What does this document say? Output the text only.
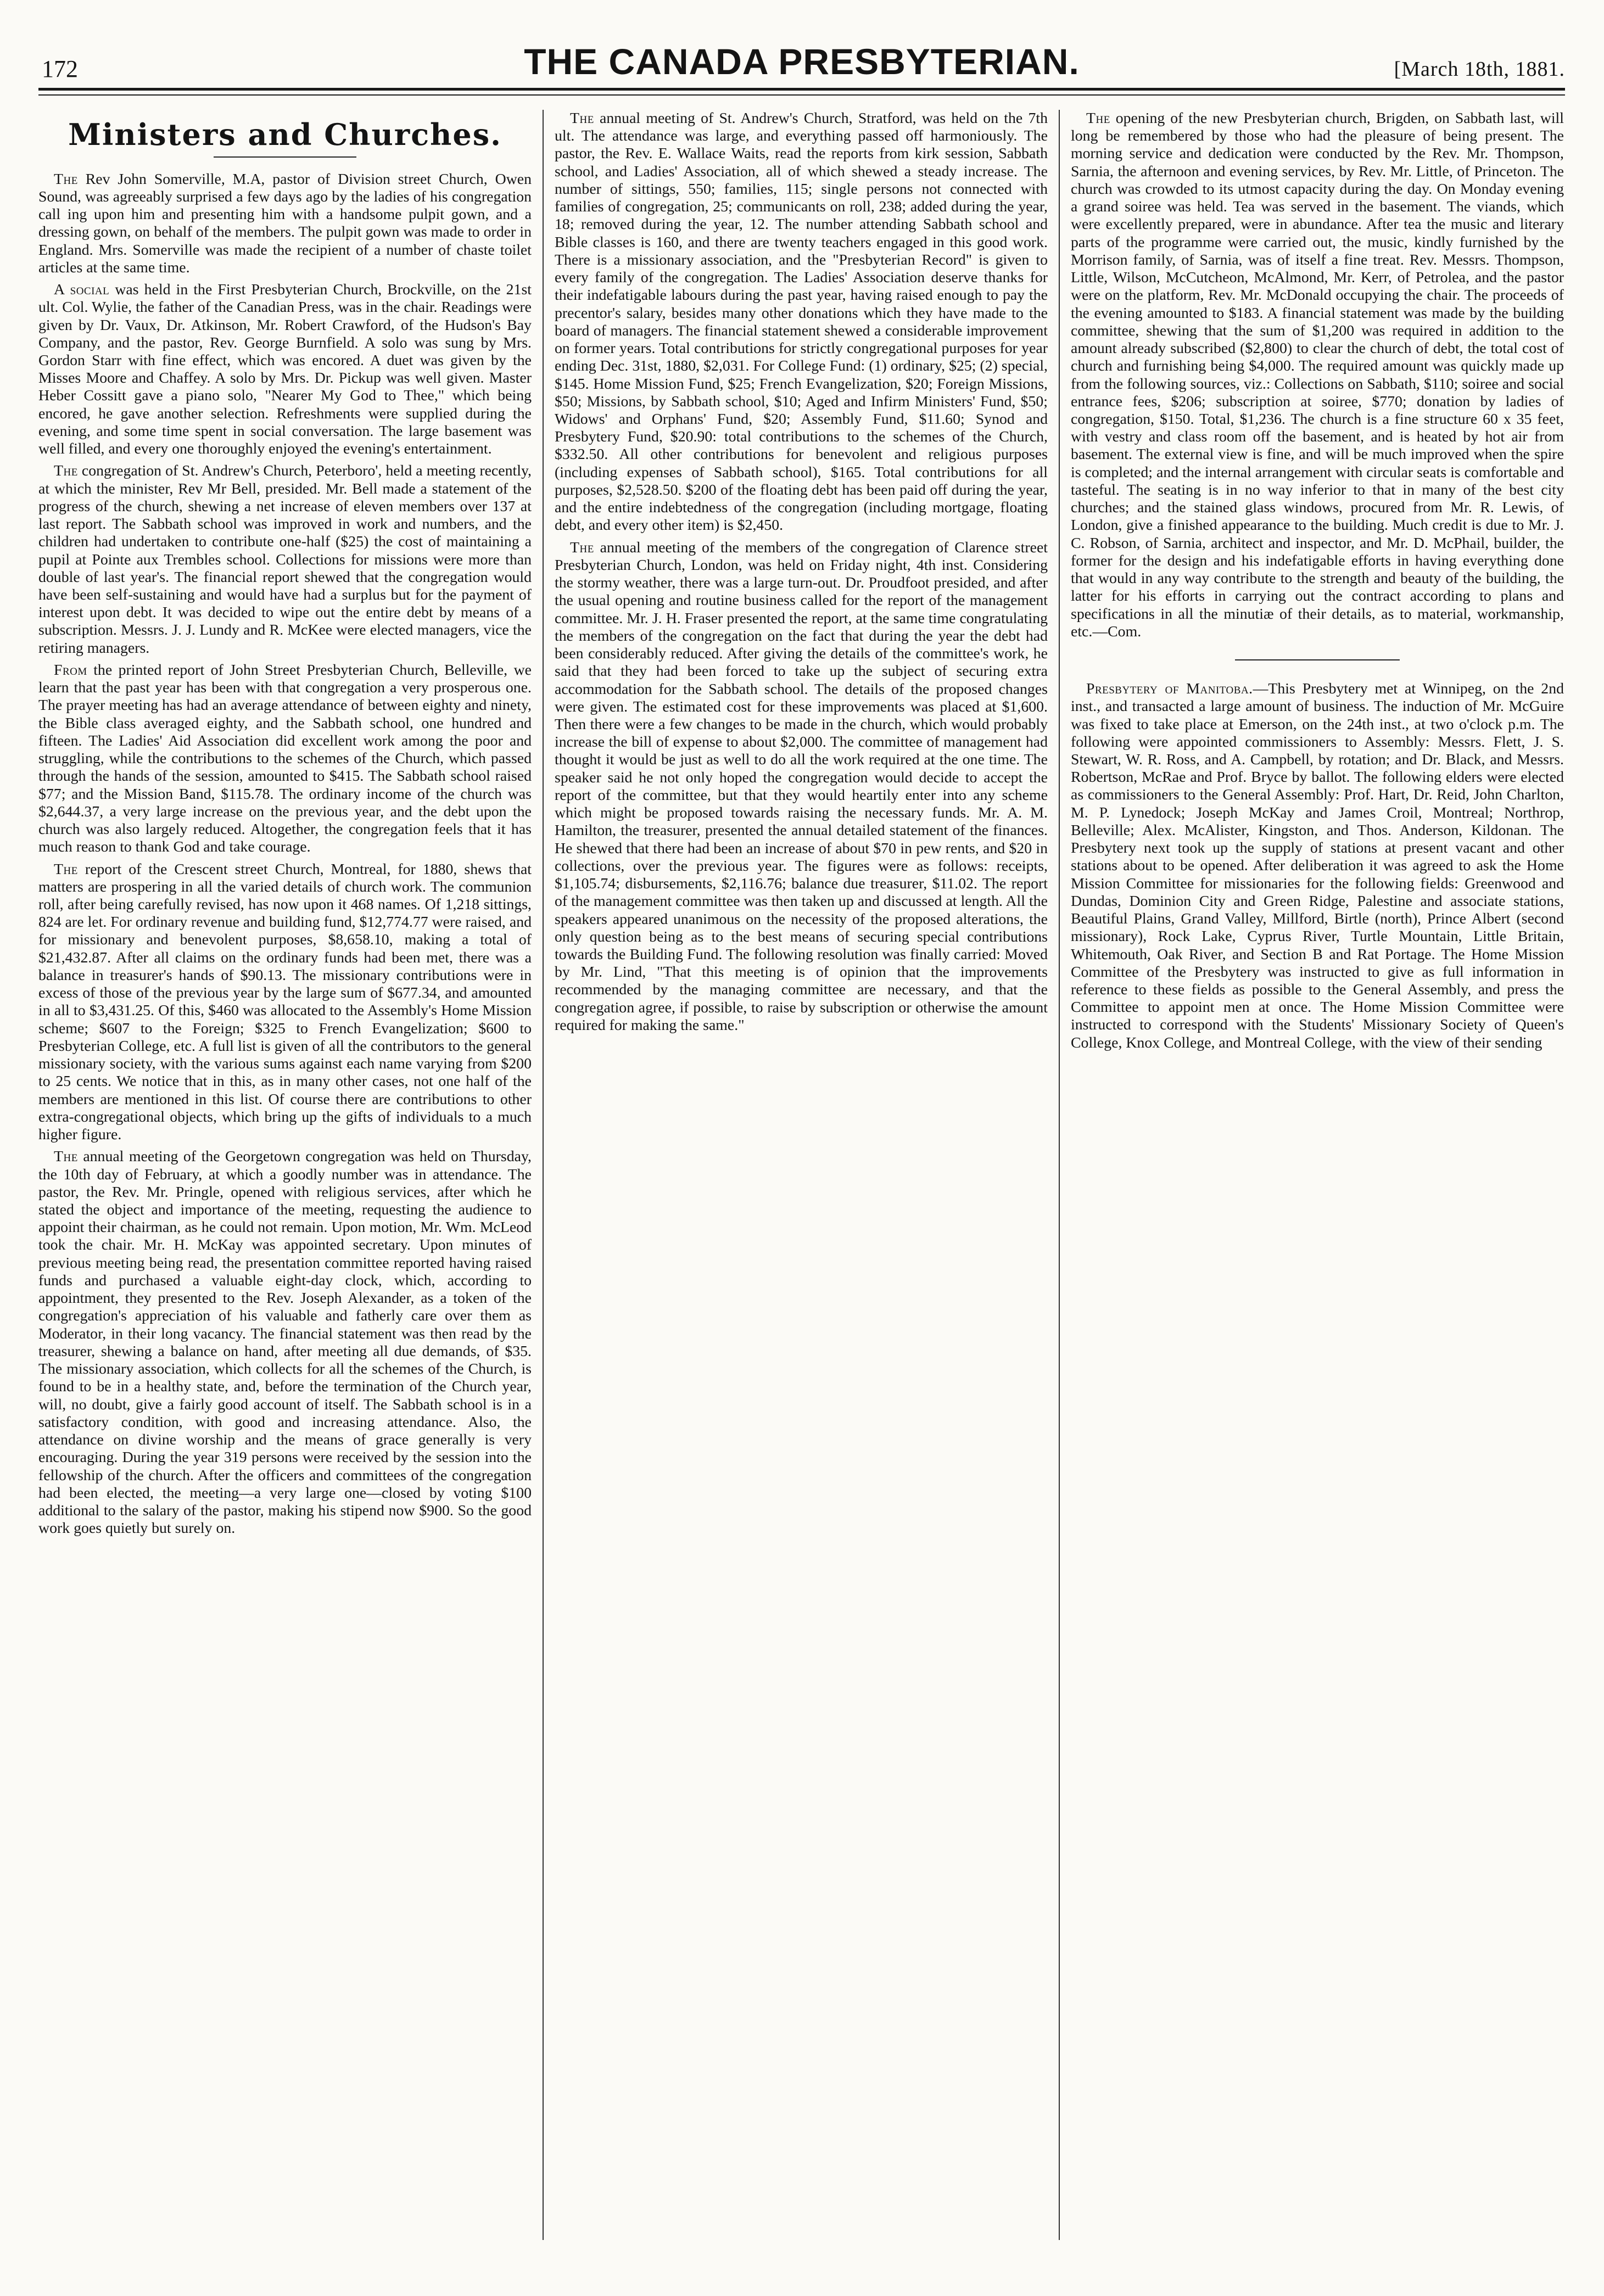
172	THE CANADA PRESBYTERIAN.	[March 18th, 1881.
Ministers and Churches.

The Rev John Somerville, M.A, pastor of Division street Church, Owen Sound, was agreeably surprised a few days ago by the ladies of his congregation call ing upon him and presenting him with a handsome pulpit gown, and a dressing gown, on behalf of the members. The pulpit gown was made to order in England. Mrs. Somerville was made the recipient of a number of chaste toilet articles at the same time.

A social was held in the First Presbyterian Church, Brockville, on the 21st ult. Col. Wylie, the father of the Canadian Press, was in the chair. Readings were given by Dr. Vaux, Dr. Atkinson, Mr. Robert Crawford, of the Hudson's Bay Company, and the pastor, Rev. George Burnfield. A solo was sung by Mrs. Gordon Starr with fine effect, which was encored. A duet was given by the Misses Moore and Chaffey. A solo by Mrs. Dr. Pickup was well given. Master Heber Cossitt gave a piano solo, "Nearer My God to Thee," which being encored, he gave another selection. Refreshments were supplied during the evening, and some time spent in social conversation. The large basement was well filled, and every one thoroughly enjoyed the evening's entertainment.

The congregation of St. Andrew's Church, Peterboro', held a meeting recently, at which the minister, Rev Mr Bell, presided. Mr. Bell made a statement of the progress of the church, shewing a net increase of eleven members over 137 at last report. The Sabbath school was improved in work and numbers, and the children had undertaken to contribute one-half ($25) the cost of maintaining a pupil at Pointe aux Trembles school. Collections for missions were more than double of last year's. The financial report shewed that the congregation would have been self-sustaining and would have had a surplus but for the payment of interest upon debt. It was decided to wipe out the entire debt by means of a subscription. Messrs. J. J. Lundy and R. McKee were elected managers, vice the retiring managers.

From the printed report of John Street Presbyterian Church, Belleville, we learn that the past year has been with that congregation a very prosperous one. The prayer meeting has had an average attendance of between eighty and ninety, the Bible class averaged eighty, and the Sabbath school, one hundred and fifteen. The Ladies' Aid Association did excellent work among the poor and struggling, while the contributions to the schemes of the Church, which passed through the hands of the session, amounted to $415. The Sabbath school raised $77; and the Mission Band, $115.78. The ordinary income of the church was $2,644.37, a very large increase on the previous year, and the debt upon the church was also largely reduced. Altogether, the congregation feels that it has much reason to thank God and take courage.

The report of the Crescent street Church, Montreal, for 1880, shews that matters are prospering in all the varied details of church work. The communion roll, after being carefully revised, has now upon it 468 names. Of 1,218 sittings, 824 are let. For ordinary revenue and building fund, $12,774.77 were raised, and for missionary and benevolent purposes, $8,658.10, making a total of $21,432.87. After all claims on the ordinary funds had been met, there was a balance in treasurer's hands of $90.13. The missionary contributions were in excess of those of the previous year by the large sum of $677.34, and amounted in all to $3,431.25. Of this, $460 was allocated to the Assembly's Home Mission scheme; $607 to the Foreign; $325 to French Evangelization; $600 to Presbyterian College, etc. A full list is given of all the contributors to the general missionary society, with the various sums against each name varying from $200 to 25 cents. We notice that in this, as in many other cases, not one half of the members are mentioned in this list. Of course there are contributions to other extra-congregational objects, which bring up the gifts of individuals to a much higher figure.

The annual meeting of the Georgetown congregation was held on Thursday, the 10th day of February, at which a goodly number was in attendance. The pastor, the Rev. Mr. Pringle, opened with religious services, after which he stated the object and importance of the meeting, requesting the audience to appoint their chairman, as he could not remain. Upon motion, Mr. Wm. McLeod took the chair. Mr. H. McKay was appointed secretary. Upon minutes of previous meeting being read, the presentation committee reported having raised funds and purchased a valuable eight-day clock, which, according to appointment, they presented to the Rev. Joseph Alexander, as a token of the congregation's appreciation of his valuable and fatherly care over them as Moderator, in their long vacancy. The financial statement was then read by the treasurer, shewing a balance on hand, after meeting all due demands, of $35. The missionary association, which collects for all the schemes of the Church, is found to be in a healthy state, and, before the termination of the Church year, will, no doubt, give a fairly good account of itself. The Sabbath school is in a satisfactory condition, with good and increasing attendance. Also, the attendance on divine worship and the means of grace generally is very encouraging. During the year 319 persons were received by the session into the fellowship of the church. After the officers and committees of the congregation had been elected, the meeting—a very large one—closed by voting $100 additional to the salary of the pastor, making his stipend now $900. So the good work goes quietly but surely on.

The annual meeting of St. Andrew's Church, Stratford, was held on the 7th ult. The attendance was large, and everything passed off harmoniously. The pastor, the Rev. E. Wallace Waits, read the reports from kirk session, Sabbath school, and Ladies' Association, all of which shewed a steady increase. The number of sittings, 550; families, 115; single persons not connected with families of congregation, 25; communicants on roll, 238; added during the year, 18; removed during the year, 12. The number attending Sabbath school and Bible classes is 160, and there are twenty teachers engaged in this good work. There is a missionary association, and the "Presbyterian Record" is given to every family of the congregation. The Ladies' Association deserve thanks for their indefatigable labours during the past year, having raised enough to pay the precentor's salary, besides many other donations which they have made to the board of managers. The financial statement shewed a considerable improvement on former years. Total contributions for strictly congregational purposes for year ending Dec. 31st, 1880, $2,031. For College Fund: (1) ordinary, $25; (2) special, $145. Home Mission Fund, $25; French Evangelization, $20; Foreign Missions, $50; Missions, by Sabbath school, $10; Aged and Infirm Ministers' Fund, $50; Widows' and Orphans' Fund, $20; Assembly Fund, $11.60; Synod and Presbytery Fund, $20.90: total contributions to the schemes of the Church, $332.50. All other contributions for benevolent and religious purposes (including expenses of Sabbath school), $165. Total contributions for all purposes, $2,528.50. $200 of the floating debt has been paid off during the year, and the entire indebtedness of the congregation (including mortgage, floating debt, and every other item) is $2,450.

The annual meeting of the members of the congregation of Clarence street Presbyterian Church, London, was held on Friday night, 4th inst. Considering the stormy weather, there was a large turn-out. Dr. Proudfoot presided, and after the usual opening and routine business called for the report of the management committee. Mr. J. H. Fraser presented the report, at the same time congratulating the members of the congregation on the fact that during the year the debt had been considerably reduced. After giving the details of the committee's work, he said that they had been forced to take up the subject of securing extra accommodation for the Sabbath school. The details of the proposed changes were given. The estimated cost for these improvements was placed at $1,600. Then there were a few changes to be made in the church, which would probably increase the bill of expense to about $2,000. The committee of management had thought it would be just as well to do all the work required at the one time. The speaker said he not only hoped the congregation would decide to accept the report of the committee, but that they would heartily enter into any scheme which might be proposed towards raising the necessary funds. Mr. A. M. Hamilton, the treasurer, presented the annual detailed statement of the finances. He shewed that there had been an increase of about $70 in pew rents, and $20 in collections, over the previous year. The figures were as follows: receipts, $1,105.74; disbursements, $2,116.76; balance due treasurer, $11.02. The report of the management committee was then taken up and discussed at length. All the speakers appeared unanimous on the necessity of the proposed alterations, the only question being as to the best means of securing special contributions towards the Building Fund. The following resolution was finally carried: Moved by Mr. Lind, "That this meeting is of opinion that the improvements recommended by the managing committee are necessary, and that the congregation agree, if possible, to raise by subscription or otherwise the amount required for making the same."

The opening of the new Presbyterian church, Brigden, on Sabbath last, will long be remembered by those who had the pleasure of being present. The morning service and dedication were conducted by the Rev. Mr. Thompson, Sarnia, the afternoon and evening services, by Rev. Mr. Little, of Princeton. The church was crowded to its utmost capacity during the day. On Monday evening a grand soiree was held. Tea was served in the basement. The viands, which were excellently prepared, were in abundance. After tea the music and literary parts of the programme were carried out, the music, kindly furnished by the Morrison family, of Sarnia, was of itself a fine treat. Rev. Messrs. Thompson, Little, Wilson, McCutcheon, McAlmond, Mr. Kerr, of Petrolea, and the pastor were on the platform, Rev. Mr. McDonald occupying the chair. The proceeds of the evening amounted to $183. A financial statement was made by the building committee, shewing that the sum of $1,200 was required in addition to the amount already subscribed ($2,800) to clear the church of debt, the total cost of church and furnishing being $4,000. The required amount was quickly made up from the following sources, viz.: Collections on Sabbath, $110; soiree and social entrance fees, $206; subscription at soiree, $770; donation by ladies of congregation, $150. Total, $1,236. The church is a fine structure 60 x 35 feet, with vestry and class room off the basement, and is heated by hot air from basement. The external view is fine, and will be much improved when the spire is completed; and the internal arrangement with circular seats is comfortable and tasteful. The seating is in no way inferior to that in many of the best city churches; and the stained glass windows, procured from Mr. R. Lewis, of London, give a finished appearance to the building. Much credit is due to Mr. J. C. Robson, of Sarnia, architect and inspector, and Mr. D. McPhail, builder, the former for the design and his indefatigable efforts in having everything done that would in any way contribute to the strength and beauty of the building, the latter for his efforts in carrying out the contract according to plans and specifications in all the minutiæ of their details, as to material, workmanship, etc.—Com.

Presbytery of Manitoba.—This Presbytery met at Winnipeg, on the 2nd inst., and transacted a large amount of business. The induction of Mr. McGuire was fixed to take place at Emerson, on the 24th inst., at two o'clock p.m. The following were appointed commissioners to Assembly: Messrs. Flett, J. S. Stewart, W. R. Ross, and A. Campbell, by rotation; and Dr. Black, and Messrs. Robertson, McRae and Prof. Bryce by ballot. The following elders were elected as commissioners to the General Assembly: Prof. Hart, Dr. Reid, John Charlton, M. P. Lynedock; Joseph McKay and James Croil, Montreal; Northrop, Belleville; Alex. McAlister, Kingston, and Thos. Anderson, Kildonan. The Presbytery next took up the supply of stations at present vacant and other stations about to be opened. After deliberation it was agreed to ask the Home Mission Committee for missionaries for the following fields: Greenwood and Dundas, Dominion City and Green Ridge, Palestine and associate stations, Beautiful Plains, Grand Valley, Millford, Birtle (north), Prince Albert (second missionary), Rock Lake, Cyprus River, Turtle Mountain, Little Britain, Whitemouth, Oak River, and Section B and Rat Portage. The Home Mission Committee of the Presbytery was instructed to give as full information in reference to these fields as possible to the General Assembly, and press the Committee to appoint men at once. The Home Mission Committee were instructed to correspond with the Students' Missionary Society of Queen's College, Knox College, and Montreal College, with the view of their sending
